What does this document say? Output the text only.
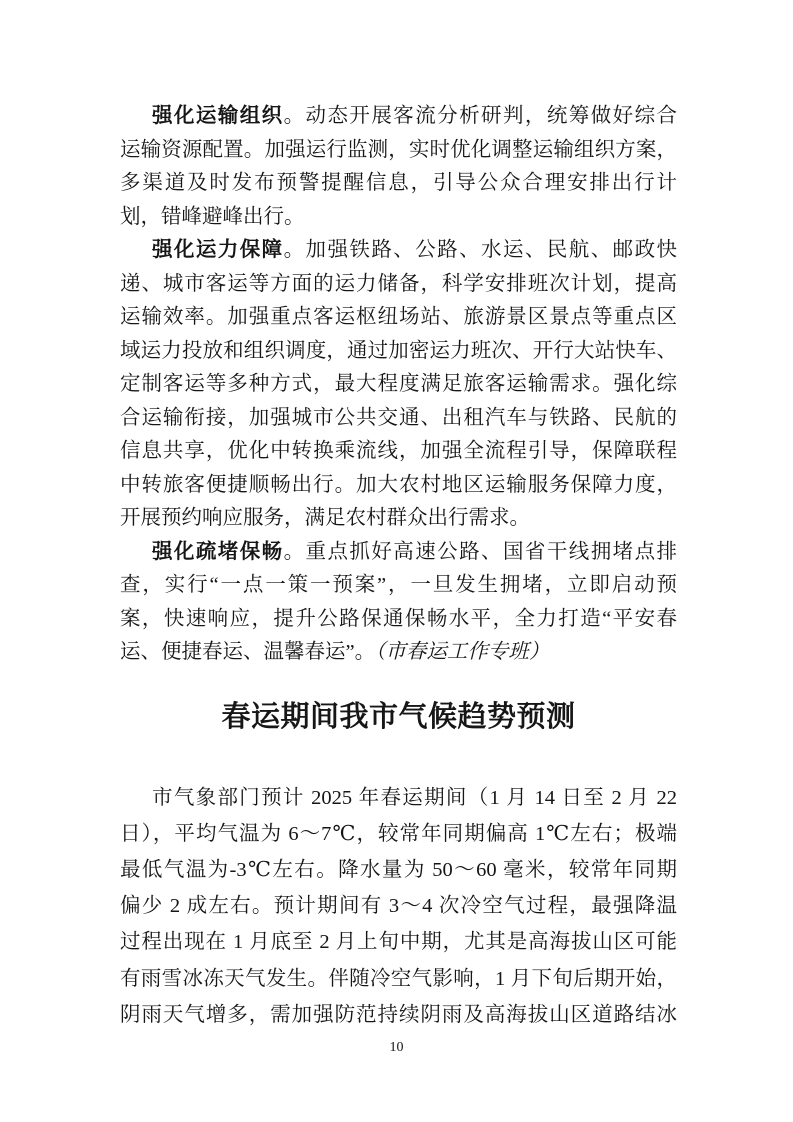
强化运输组织。动态开展客流分析研判，统筹做好综合
运输资源配置。加强运行监测，实时优化调整运输组织方案，
多渠道及时发布预警提醒信息，引导公众合理安排出行计
划，错峰避峰出行。
强化运力保障。加强铁路、公路、水运、民航、邮政快
递、城市客运等方面的运力储备，科学安排班次计划，提高
运输效率。加强重点客运枢纽场站、旅游景区景点等重点区
域运力投放和组织调度，通过加密运力班次、开行大站快车、
定制客运等多种方式，最大程度满足旅客运输需求。强化综
合运输衔接，加强城市公共交通、出租汽车与铁路、民航的
信息共享，优化中转换乘流线，加强全流程引导，保障联程
中转旅客便捷顺畅出行。加大农村地区运输服务保障力度，
开展预约响应服务，满足农村群众出行需求。
强化疏堵保畅。重点抓好高速公路、国省干线拥堵点排
查，实行“一点一策一预案”，一旦发生拥堵，立即启动预
案，快速响应，提升公路保通保畅水平，全力打造“平安春
运、便捷春运、温馨春运”。（市春运工作专班）
春运期间我市气候趋势预测
市气象部门预计 2025 年春运期间（1 月 14 日至 2 月 22
日），平均气温为 6～7℃，较常年同期偏高 1℃左右；极端
最低气温为-3℃左右。降水量为 50～60 毫米，较常年同期
偏少 2 成左右。预计期间有 3～4 次冷空气过程，最强降温
过程出现在 1 月底至 2 月上旬中期，尤其是高海拔山区可能
有雨雪冰冻天气发生。伴随冷空气影响，1 月下旬后期开始，
阴雨天气增多，需加强防范持续阴雨及高海拔山区道路结冰
10
